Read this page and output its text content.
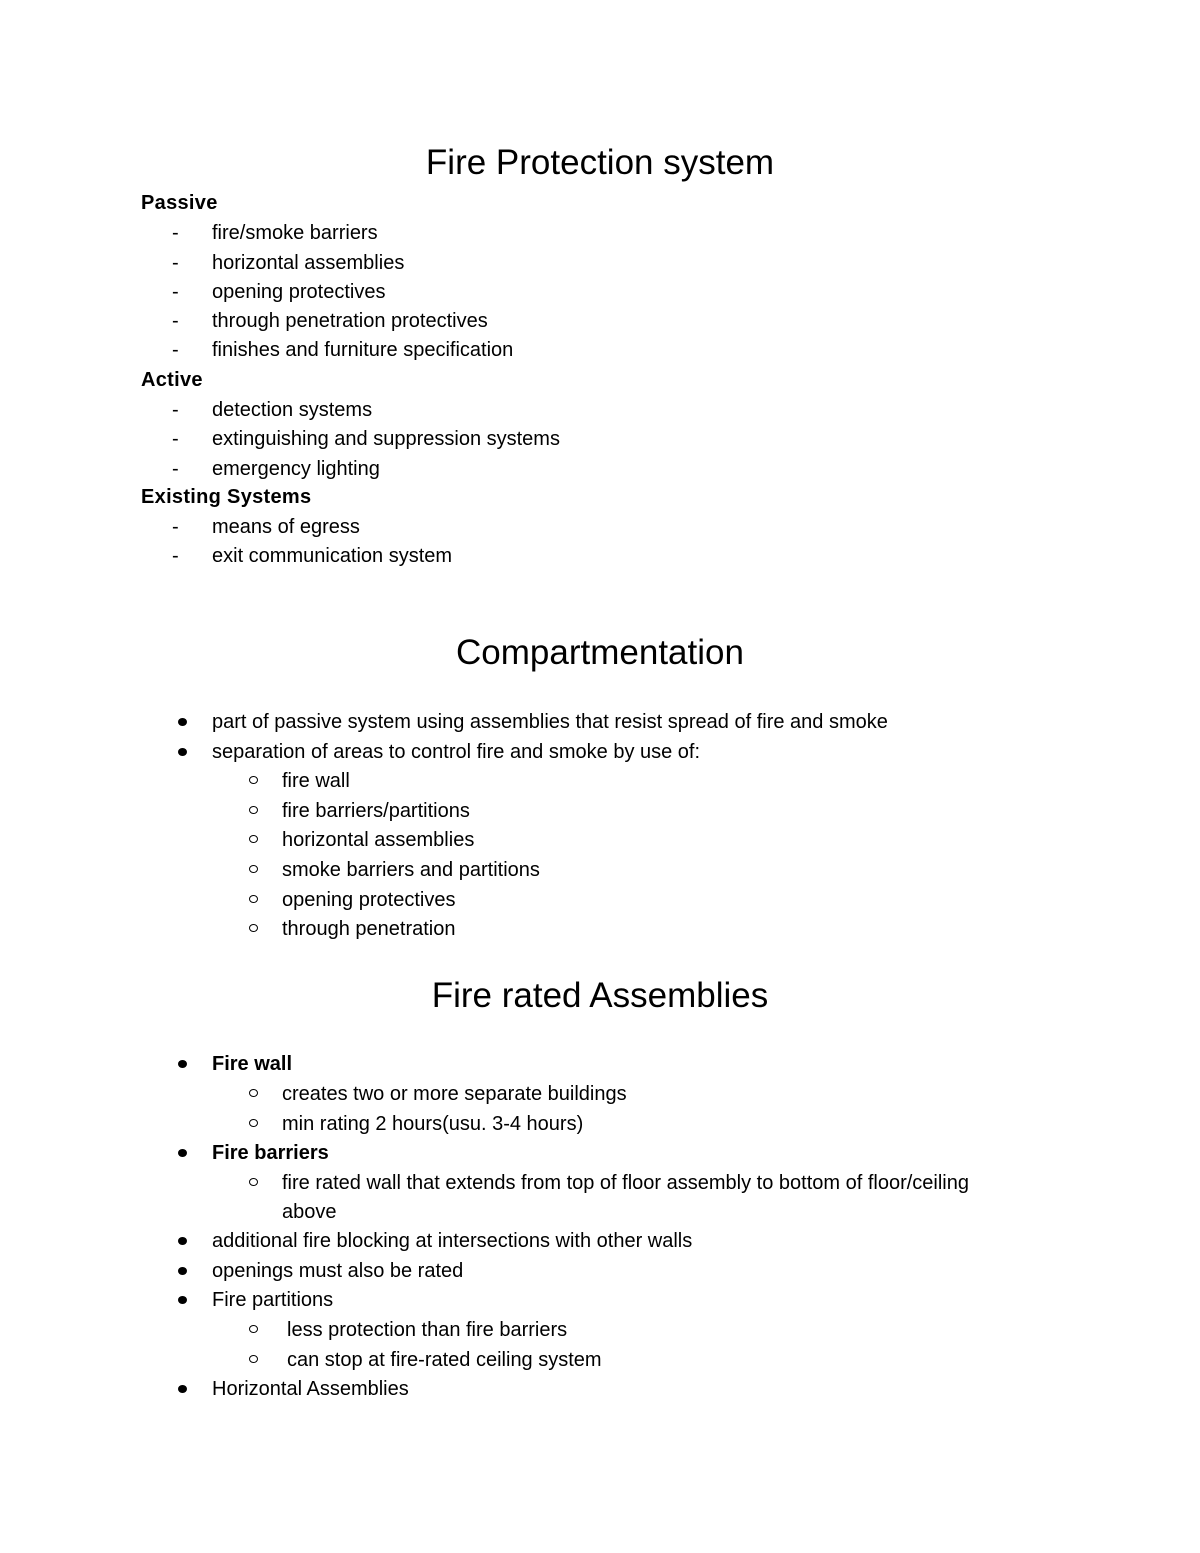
Fire Protection system
Passive
- fire/smoke barriers
- horizontal assemblies
- opening protectives
- through penetration protectives
- finishes and furniture specification
Active
- detection systems
- extinguishing and suppression systems
- emergency lighting
Existing Systems
- means of egress
- exit communication system
Compartmentation
part of passive system using assemblies that resist spread of fire and smoke
separation of areas to control fire and smoke by use of:
fire wall
fire barriers/partitions
horizontal assemblies
smoke barriers and partitions
opening protectives
through penetration
Fire rated Assemblies
Fire wall
creates two or more separate buildings
min rating 2 hours(usu. 3-4 hours)
Fire barriers
fire rated wall that extends from top of floor assembly to bottom of floor/ceiling
above
additional fire blocking at intersections with other walls
openings must also be rated
Fire partitions
less protection than fire barriers
can stop at fire-rated ceiling system
Horizontal Assemblies
